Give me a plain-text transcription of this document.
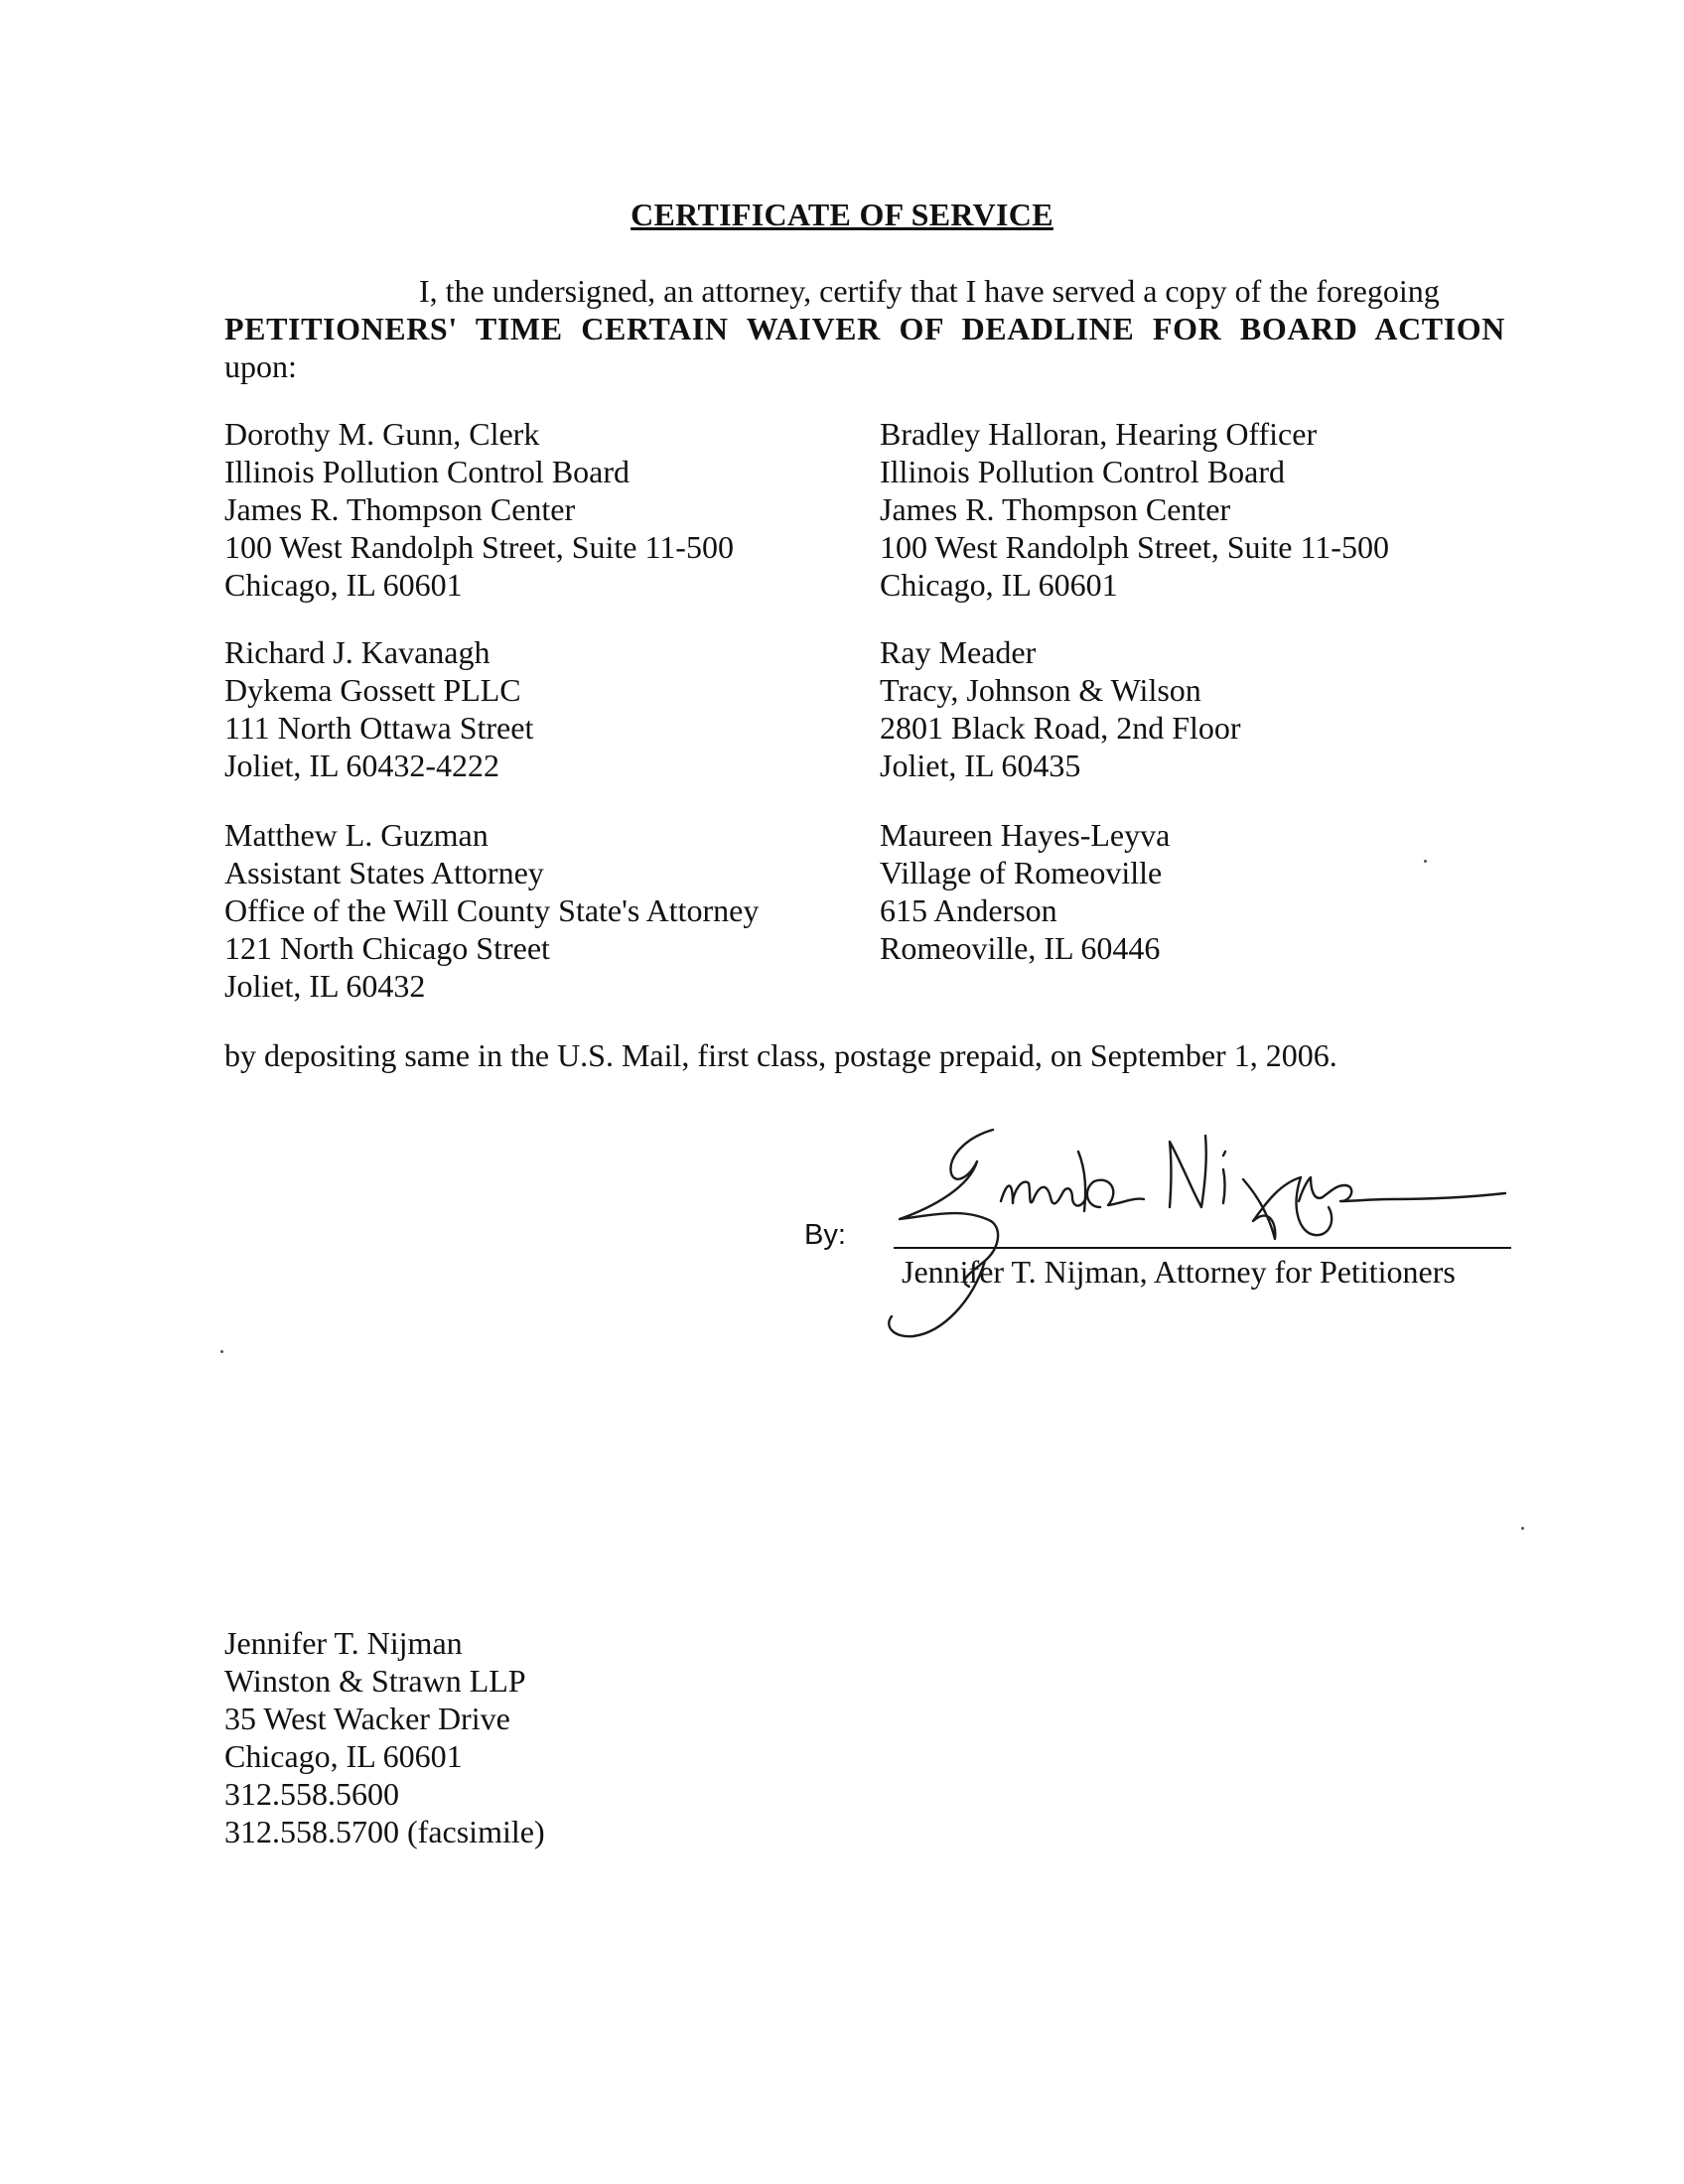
CERTIFICATE OF SERVICE
I, the undersigned, an attorney, certify that I have served a copy of the foregoing
PETITIONERS' TIME CERTAIN WAIVER OF DEADLINE FOR BOARD ACTION
upon:
Dorothy M. Gunn, Clerk
Illinois Pollution Control Board
James R. Thompson Center
100 West Randolph Street, Suite 11-500
Chicago, IL 60601
Bradley Halloran, Hearing Officer
Illinois Pollution Control Board
James R. Thompson Center
100 West Randolph Street, Suite 11-500
Chicago, IL 60601
Richard J. Kavanagh
Dykema Gossett PLLC
111 North Ottawa Street
Joliet, IL 60432-4222
Ray Meader
Tracy, Johnson & Wilson
2801 Black Road, 2nd Floor
Joliet, IL 60435
Matthew L. Guzman
Assistant States Attorney
Office of the Will County State's Attorney
121 North Chicago Street
Joliet, IL 60432
Maureen Hayes-Leyva
Village of Romeoville
615 Anderson
Romeoville, IL 60446
by depositing same in the U.S. Mail, first class, postage prepaid, on September 1, 2006.
By:
Jennifer T. Nijman, Attorney for Petitioners
Jennifer T. Nijman
Winston & Strawn LLP
35 West Wacker Drive
Chicago, IL 60601
312.558.5600
312.558.5700 (facsimile)
